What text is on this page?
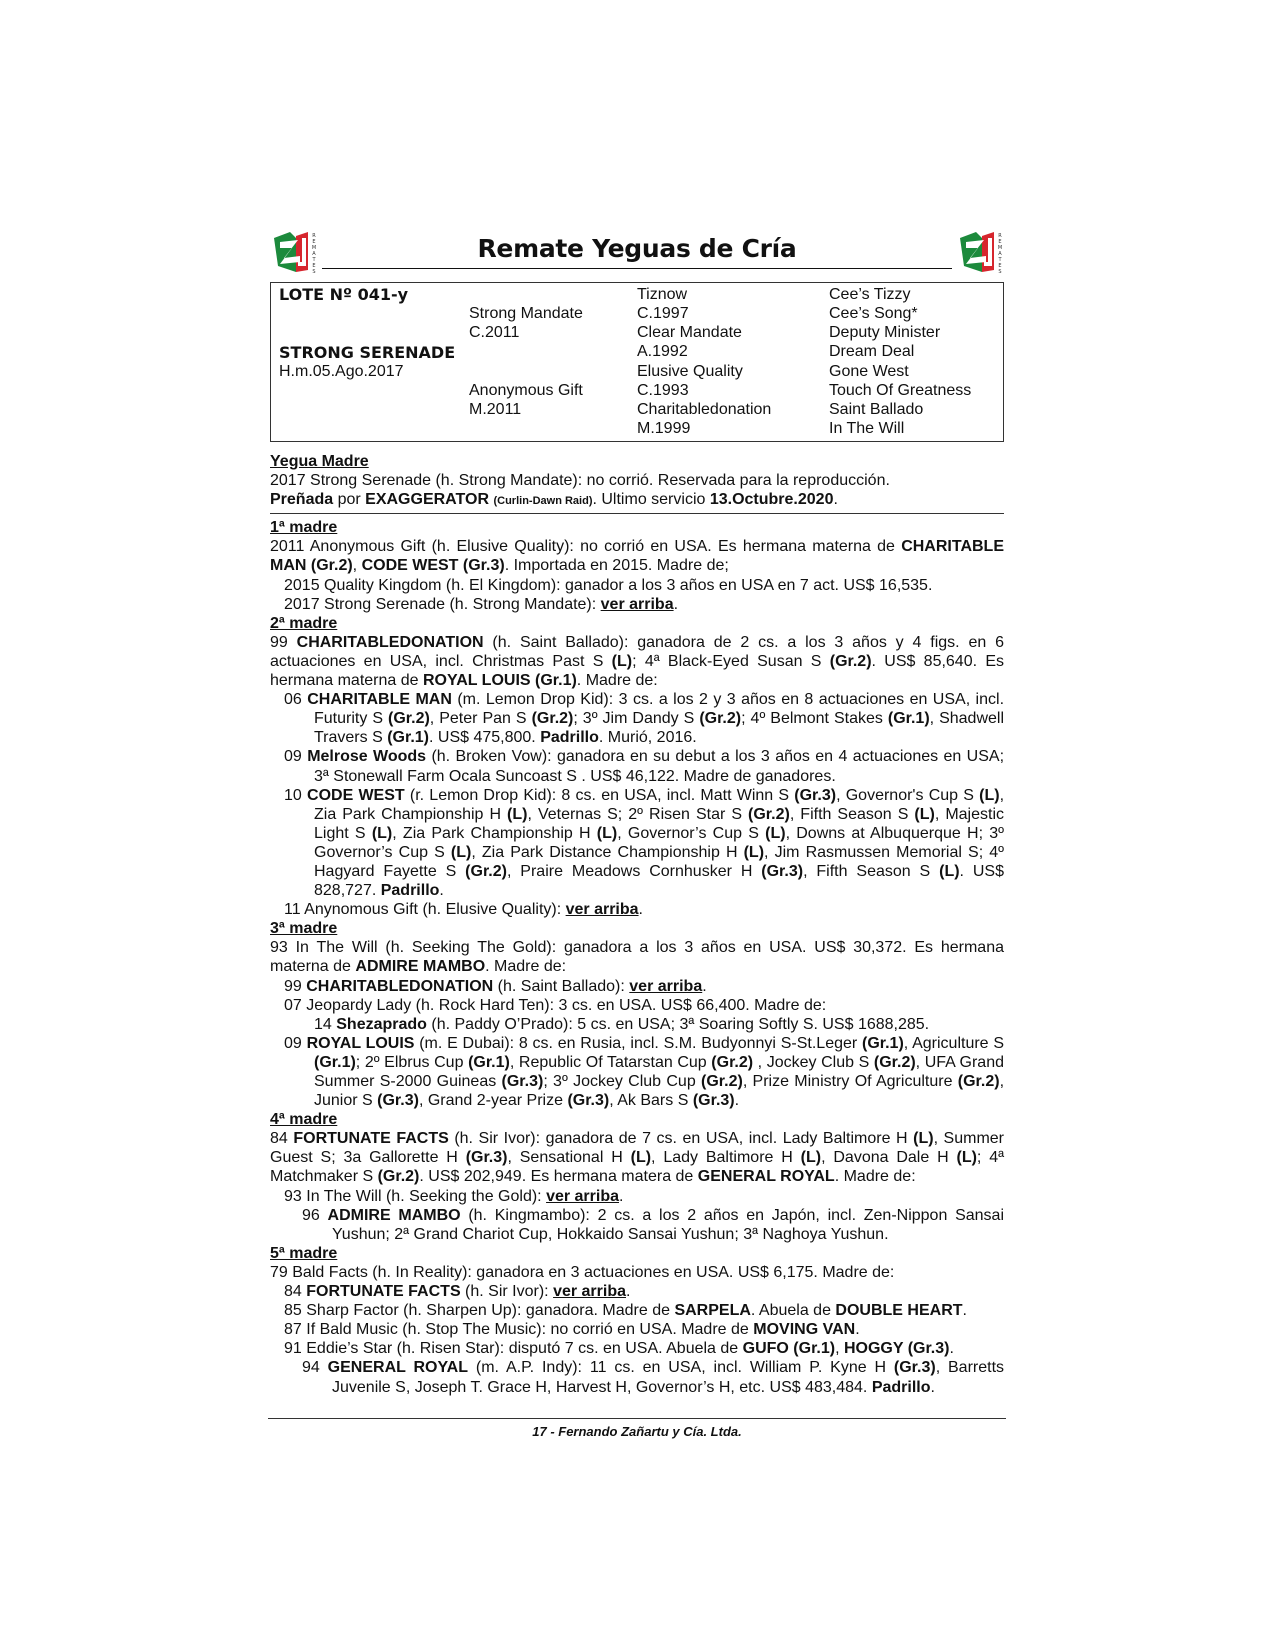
R
E
M
A
T
E
S
Remate Yeguas de Cría	R
E
M
A
T
E
S
LOTE Nº 041-y
STRONG SERENADE
H.m.05.Ago.2017
Strong Mandate
C.2011
Anonymous Gift
M.2011
Tiznow
C.1997
Clear Mandate
A.1992
Elusive Quality
C.1993
Charitabledonation
M.1999
Cee’s Tizzy
Cee’s Song*
Deputy Minister
Dream Deal
Gone West
Touch Of Greatness
Saint Ballado
In The Will

Yegua Madre

2017 Strong Serenade (h. Strong Mandate): no corrió. Reservada para la reproducción.

Preñada por EXAGGERATOR (Curlin-Dawn Raid). Ultimo servicio 13.Octubre.2020.

1ª madre

2011 Anonymous Gift (h. Elusive Quality): no corrió en USA. Es hermana materna de CHARITABLE MAN (Gr.2), CODE WEST (Gr.3). Importada en 2015. Madre de;

2015 Quality Kingdom (h. El Kingdom): ganador a los 3 años en USA en 7 act. US$ 16,535.

2017 Strong Serenade (h. Strong Mandate): ver arriba.

2ª madre

99 CHARITABLEDONATION (h. Saint Ballado): ganadora de 2 cs. a los 3 años y 4 figs. en 6 actuaciones en USA, incl. Christmas Past S (L); 4ª Black-Eyed Susan S (Gr.2). US$ 85,640. Es hermana materna de ROYAL LOUIS (Gr.1). Madre de:

06 CHARITABLE MAN (m. Lemon Drop Kid): 3 cs. a los 2 y 3 años en 8 actuaciones en USA, incl. Futurity S (Gr.2), Peter Pan S (Gr.2); 3º Jim Dandy S (Gr.2); 4º Belmont Stakes (Gr.1), Shadwell Travers S (Gr.1). US$ 475,800. Padrillo. Murió, 2016.

09 Melrose Woods (h. Broken Vow): ganadora en su debut a los 3 años en 4 actuaciones en USA; 3ª Stonewall Farm Ocala Suncoast S . US$ 46,122. Madre de ganadores.

10 CODE WEST (r. Lemon Drop Kid): 8 cs. en USA, incl. Matt Winn S (Gr.3), Governor's Cup S (L), Zia Park Championship H (L), Veternas S; 2º Risen Star S (Gr.2), Fifth Season S (L), Majestic Light S (L), Zia Park Championship H (L), Governor’s Cup S (L), Downs at Albuquerque H; 3º Governor’s Cup S (L), Zia Park Distance Championship H (L), Jim Rasmussen Memorial S; 4º Hagyard Fayette S (Gr.2), Praire Meadows Cornhusker H (Gr.3), Fifth Season S (L). US$ 828,727. Padrillo.

11 Anynomous Gift (h. Elusive Quality): ver arriba.

3ª madre

93 In The Will (h. Seeking The Gold): ganadora a los 3 años en USA. US$ 30,372. Es hermana materna de ADMIRE MAMBO. Madre de:

99 CHARITABLEDONATION (h. Saint Ballado): ver arriba.

07 Jeopardy Lady (h. Rock Hard Ten): 3 cs. en USA. US$ 66,400. Madre de:

14 Shezaprado (h. Paddy O’Prado): 5 cs. en USA; 3ª Soaring Softly S. US$ 1688,285.

09 ROYAL LOUIS (m. E Dubai): 8 cs. en Rusia, incl. S.M. Budyonnyi S-St.Leger (Gr.1), Agriculture S (Gr.1); 2º Elbrus Cup (Gr.1), Republic Of Tatarstan Cup (Gr.2) , Jockey Club S (Gr.2), UFA Grand Summer S-2000 Guineas (Gr.3); 3º Jockey Club Cup (Gr.2), Prize Ministry Of Agriculture (Gr.2), Junior S (Gr.3), Grand 2-year Prize (Gr.3), Ak Bars S (Gr.3).

4ª madre

84 FORTUNATE FACTS (h. Sir Ivor): ganadora de 7 cs. en USA, incl. Lady Baltimore H (L), Summer Guest S; 3a Gallorette H (Gr.3), Sensational H (L), Lady Baltimore H (L), Davona Dale H (L); 4ª Matchmaker S (Gr.2). US$ 202,949. Es hermana matera de GENERAL ROYAL. Madre de:

93 In The Will (h. Seeking the Gold): ver arriba.

96 ADMIRE MAMBO (h. Kingmambo): 2 cs. a los 2 años en Japón, incl. Zen-Nippon Sansai Yushun; 2ª Grand Chariot Cup, Hokkaido Sansai Yushun; 3ª Naghoya Yushun.

5ª madre

79 Bald Facts (h. In Reality): ganadora en 3 actuaciones en USA. US$ 6,175. Madre de:

84 FORTUNATE FACTS (h. Sir Ivor): ver arriba.

85 Sharp Factor (h. Sharpen Up): ganadora. Madre de SARPELA. Abuela de DOUBLE HEART.

87 If Bald Music (h. Stop The Music): no corrió en USA. Madre de MOVING VAN.

91 Eddie’s Star (h. Risen Star): disputó 7 cs. en USA. Abuela de GUFO (Gr.1), HOGGY (Gr.3).

94 GENERAL ROYAL (m. A.P. Indy): 11 cs. en USA, incl. William P. Kyne H (Gr.3), Barretts Juvenile S, Joseph T. Grace H, Harvest H, Governor’s H, etc. US$ 483,484. Padrillo.

17 - Fernando Zañartu y Cía. Ltda.
